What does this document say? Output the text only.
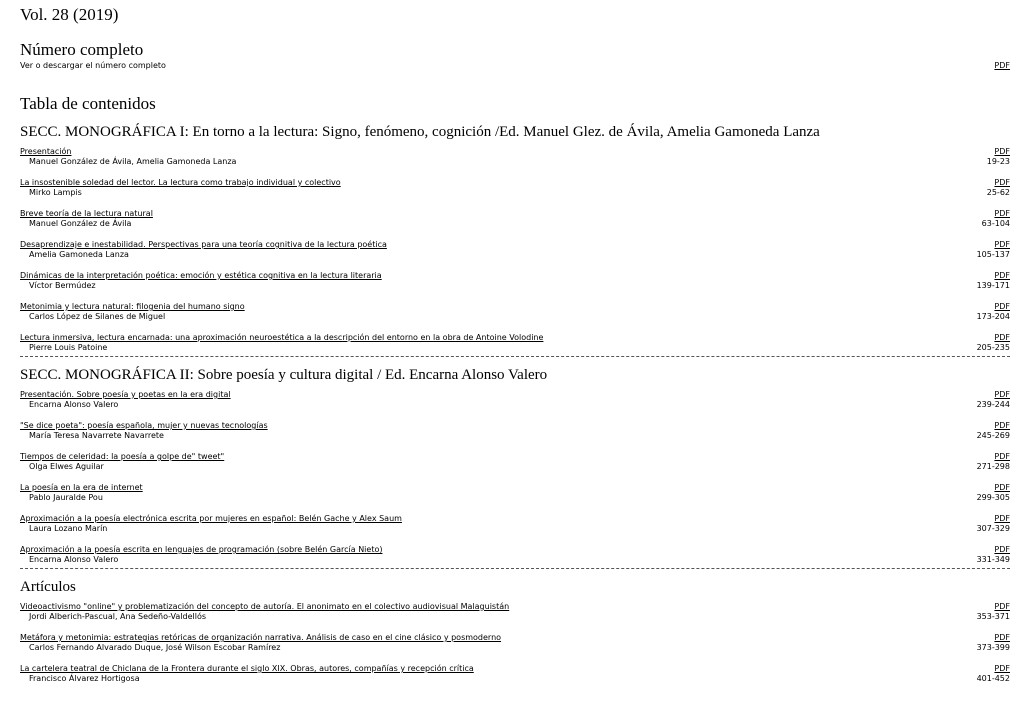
Vol. 28 (2019)
Número completo
Ver o descargar el número completo	PDF
Tabla de contenidos
SECC. MONOGRÁFICA I: En torno a la lectura: Signo, fenómeno, cognición /Ed. Manuel Glez. de Ávila, Amelia Gamoneda Lanza
Presentación
Manuel González de Ávila, Amelia Gamoneda Lanza
PDF
19-23
La insostenible soledad del lector. La lectura como trabajo individual y colectivo
Mirko Lampis
PDF
25-62
Breve teoría de la lectura natural
Manuel González de Ávila
PDF
63-104
Desaprendizaje e inestabilidad. Perspectivas para una teoría cognitiva de la lectura poética
Amelia Gamoneda Lanza
PDF
105-137
Dinámicas de la interpretación poética: emoción y estética cognitiva en la lectura literaria
Víctor Bermúdez
PDF
139-171
Metonimia y lectura natural: filogenia del humano signo
Carlos López de Silanes de Miguel
PDF
173-204
Lectura inmersiva, lectura encarnada: una aproximación neuroestética a la descripción del entorno en la obra de Antoine Volodine
Pierre Louis Patoine
PDF
205-235
SECC. MONOGRÁFICA II: Sobre poesía y cultura digital / Ed. Encarna Alonso Valero
Presentación. Sobre poesía y poetas en la era digital
Encarna Alonso Valero
PDF
239-244
"Se dice poeta": poesía española, mujer y nuevas tecnologías
María Teresa Navarrete Navarrete
PDF
245-269
Tiempos de celeridad: la poesía a golpe de" tweet"
Olga Elwes Aguilar
PDF
271-298
La poesía en la era de internet
Pablo Jauralde Pou
PDF
299-305
Aproximación a la poesía electrónica escrita por mujeres en español: Belén Gache y Alex Saum
Laura Lozano Marín
PDF
307-329
Aproximación a la poesía escrita en lenguajes de programación (sobre Belén García Nieto)
Encarna Alonso Valero
PDF
331-349
Artículos
Videoactivismo "online" y problematización del concepto de autoría. El anonimato en el colectivo audiovisual Malaguistán
Jordi Alberich-Pascual, Ana Sedeño-Valdellós
PDF
353-371
Metáfora y metonimia: estrategias retóricas de organización narrativa. Análisis de caso en el cine clásico y posmoderno
Carlos Fernando Alvarado Duque, José Wilson Escobar Ramírez
PDF
373-399
La cartelera teatral de Chiclana de la Frontera durante el siglo XIX. Obras, autores, compañías y recepción crítica
Francisco Álvarez Hortigosa
PDF
401-452
